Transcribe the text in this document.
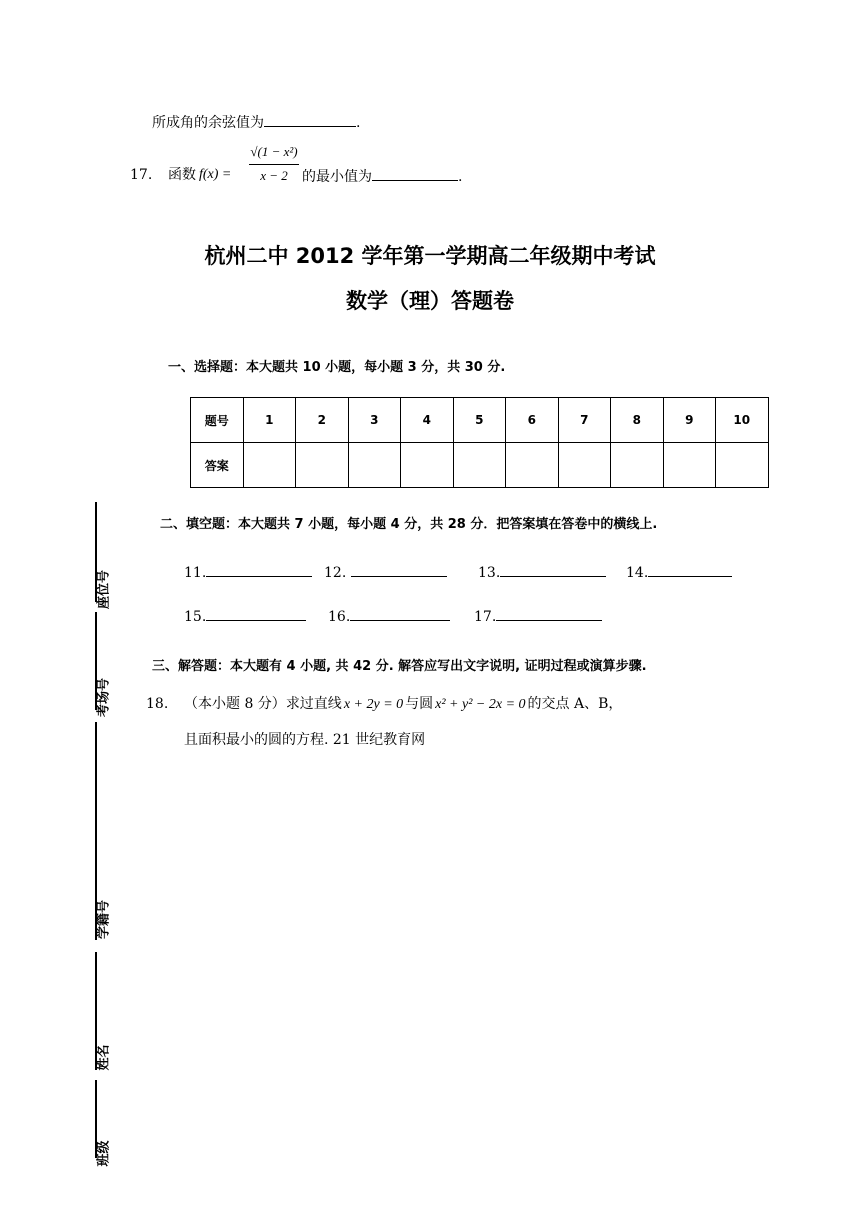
所成角的余弦值为	.
17. 函数 f(x) =
√(1 − x²)
x − 2	的最小值为	.
杭州二中 2012 学年第一学期高二年级期中考试
数学（理）答题卷
一、选择题：本大题共 10 小题，每小题 3 分，共 30 分.
题号	1	2	3	4	5	6	7	8	9	10
答案										
二、填空题：本大题共 7 小题，每小题 4 分，共 28 分．把答案填在答卷中的横线上.
11.	12.	13.	14.
15.	16.	17.
三、解答题：本大题有 4 小题, 共 42 分. 解答应写出文字说明, 证明过程或演算步骤.
18. （本小题 8 分）求过直线 x + 2y = 0 与圆 x² + y² − 2x = 0 的交点 A、B，
且面积最小的圆的方程. 21 世纪教育网
座位号
考场号
学籍号
姓名
班级
